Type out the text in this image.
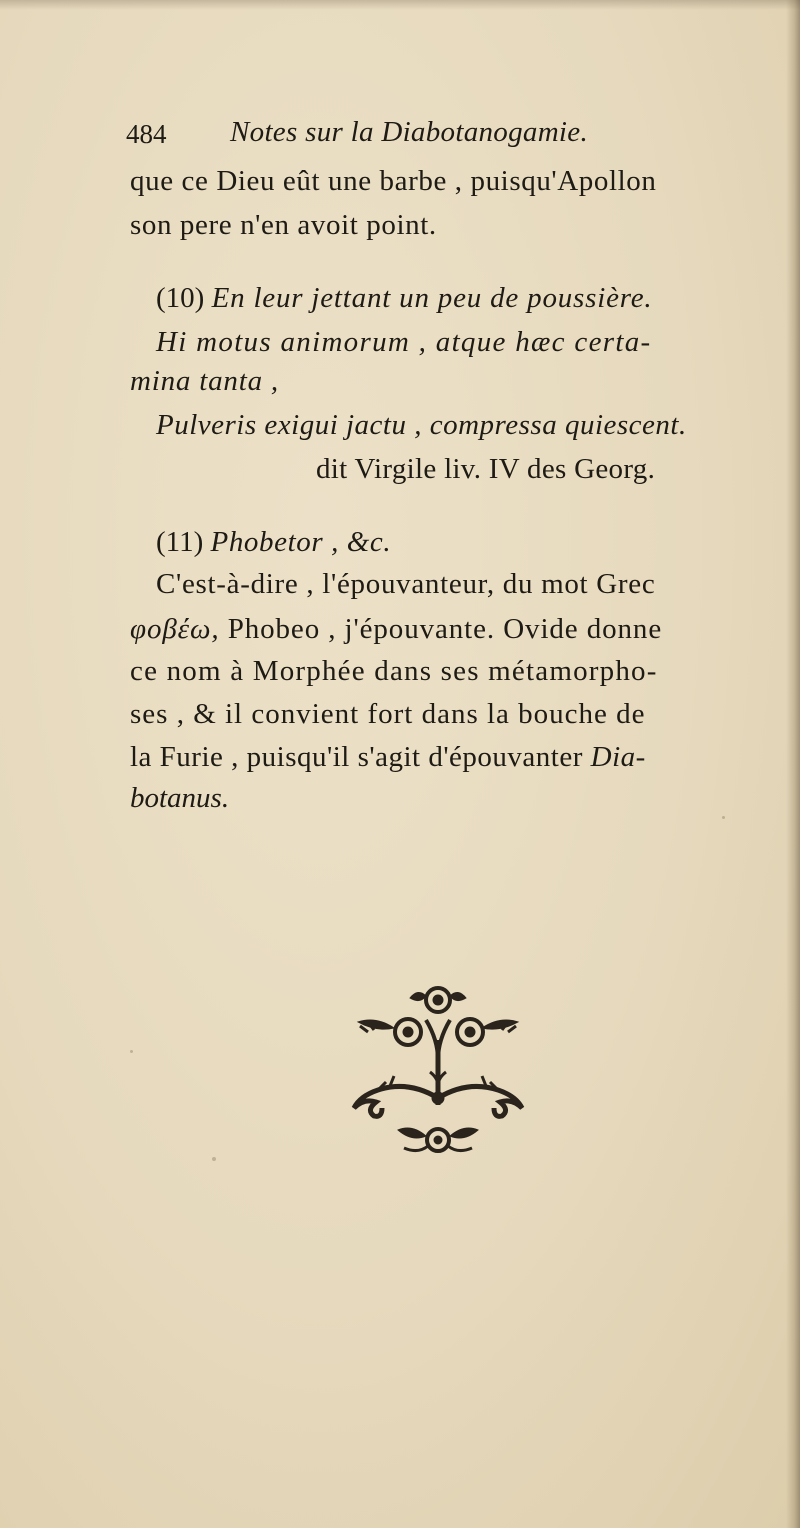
484 Notes sur la Diabotanogamie.
que ce Dieu eût une barbe , puisqu'Apollon
son pere n'en avoit point.
(10) En leur jettant un peu de poussière.
Hi motus animorum , atque hæc certa-
mina tanta ,
Pulveris exigui jactu , compressa quiescent.
dit Virgile liv. IV des Georg.
(11) Phobetor , &c.
C'est-à-dire , l'épouvanteur, du mot Grec
φοβέω, Phobeo , j'épouvante. Ovide donne
ce nom à Morphée dans ses métamorpho-
ses , & il convient fort dans la bouche de
la Furie , puisqu'il s'agit d'épouvanter Dia-
botanus.
